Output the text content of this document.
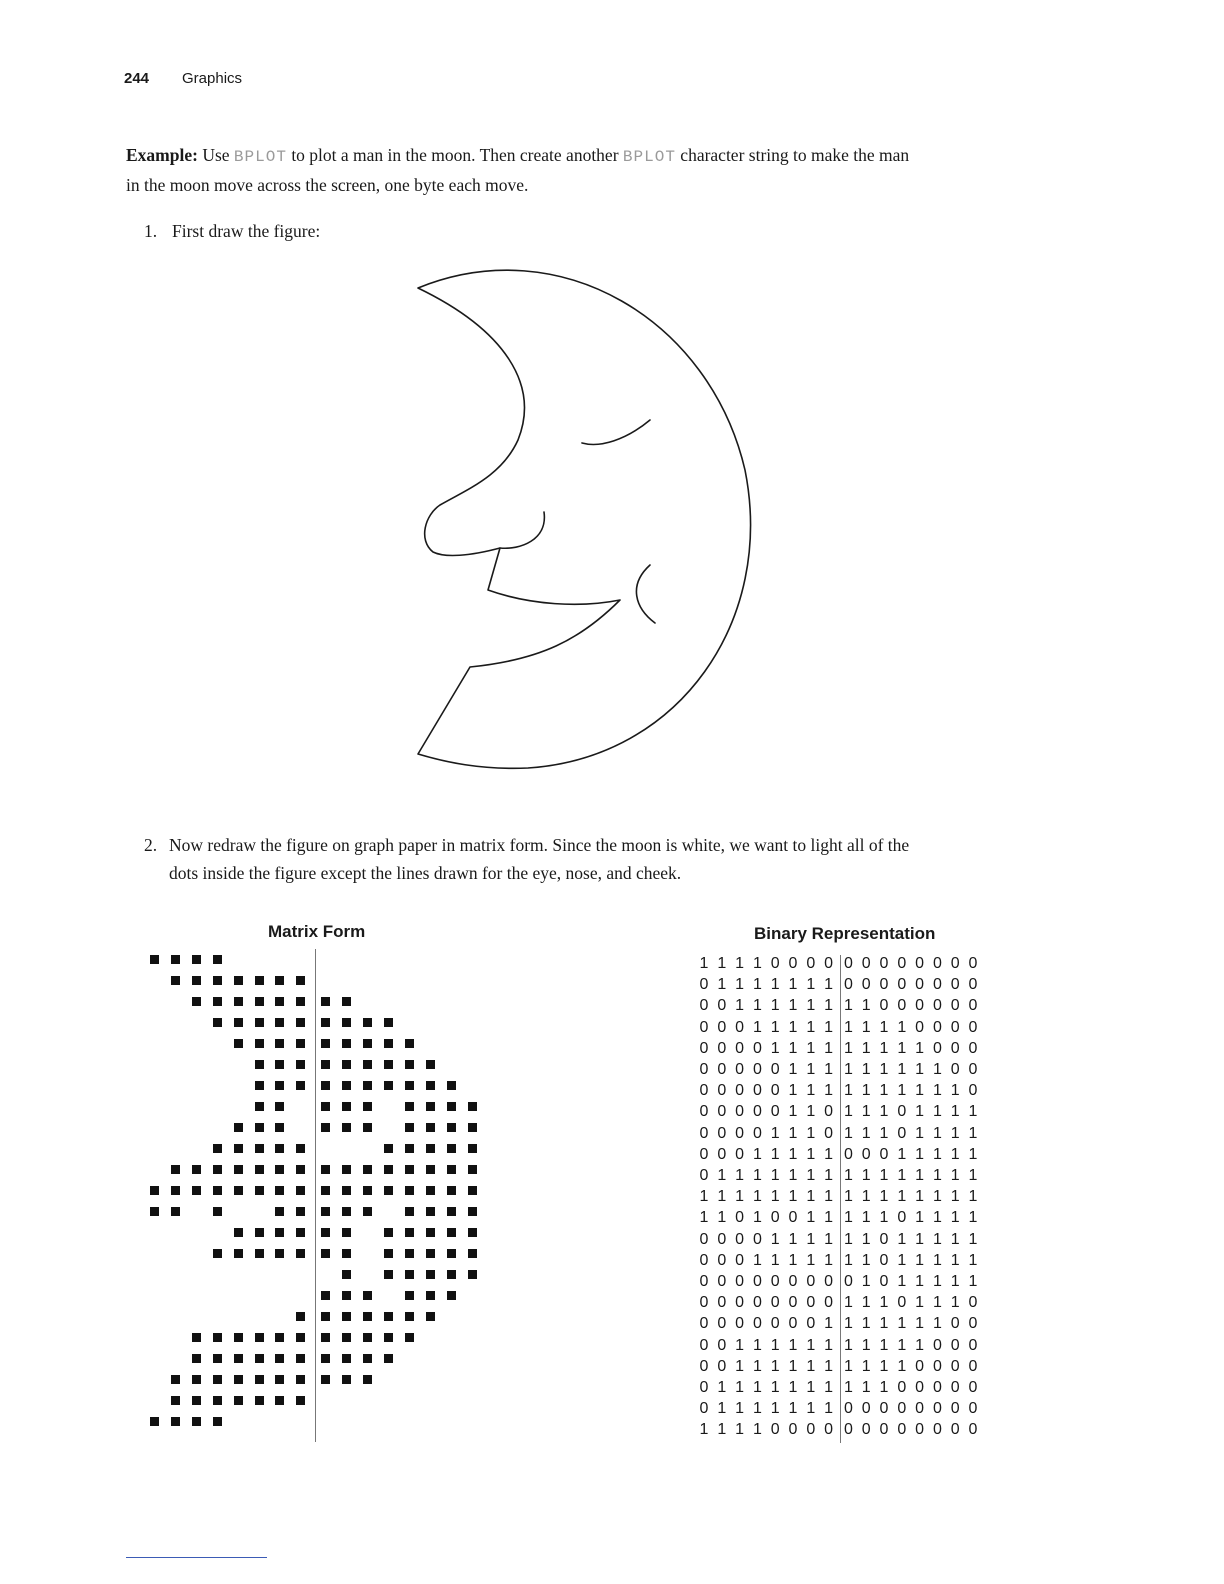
244 Graphics
Example: Use BPLOT to plot a man in the moon. Then create another BPLOT character string to make the man
in the moon move across the screen, one byte each move.
1. First draw the figure:
2. Now redraw the figure on graph paper in matrix form. Since the moon is white, we want to light all of the
dots inside the figure except the lines drawn for the eye, nose, and cheek.
Matrix Form	Binary Representation
1 1 1 1 0 0 0 0 0 0 0 0 0 0 0 0
0 1 1 1 1 1 1 1 0 0 0 0 0 0 0 0
0 0 1 1 1 1 1 1 1 1 0 0 0 0 0 0
0 0 0 1 1 1 1 1 1 1 1 1 0 0 0 0
0 0 0 0 1 1 1 1 1 1 1 1 1 0 0 0
0 0 0 0 0 1 1 1 1 1 1 1 1 1 0 0
0 0 0 0 0 1 1 1 1 1 1 1 1 1 1 0
0 0 0 0 0 1 1 0 1 1 1 0 1 1 1 1
0 0 0 0 1 1 1 0 1 1 1 0 1 1 1 1
0 0 0 1 1 1 1 1 0 0 0 1 1 1 1 1
0 1 1 1 1 1 1 1 1 1 1 1 1 1 1 1
1 1 1 1 1 1 1 1 1 1 1 1 1 1 1 1
1 1 0 1 0 0 1 1 1 1 1 0 1 1 1 1
0 0 0 0 1 1 1 1 1 1 0 1 1 1 1 1
0 0 0 1 1 1 1 1 1 1 0 1 1 1 1 1
0 0 0 0 0 0 0 0 0 1 0 1 1 1 1 1
0 0 0 0 0 0 0 0 1 1 1 0 1 1 1 0
0 0 0 0 0 0 0 1 1 1 1 1 1 1 0 0
0 0 1 1 1 1 1 1 1 1 1 1 1 0 0 0
0 0 1 1 1 1 1 1 1 1 1 1 0 0 0 0
0 1 1 1 1 1 1 1 1 1 1 0 0 0 0 0
0 1 1 1 1 1 1 1 0 0 0 0 0 0 0 0
1 1 1 1 0 0 0 0 0 0 0 0 0 0 0 0
